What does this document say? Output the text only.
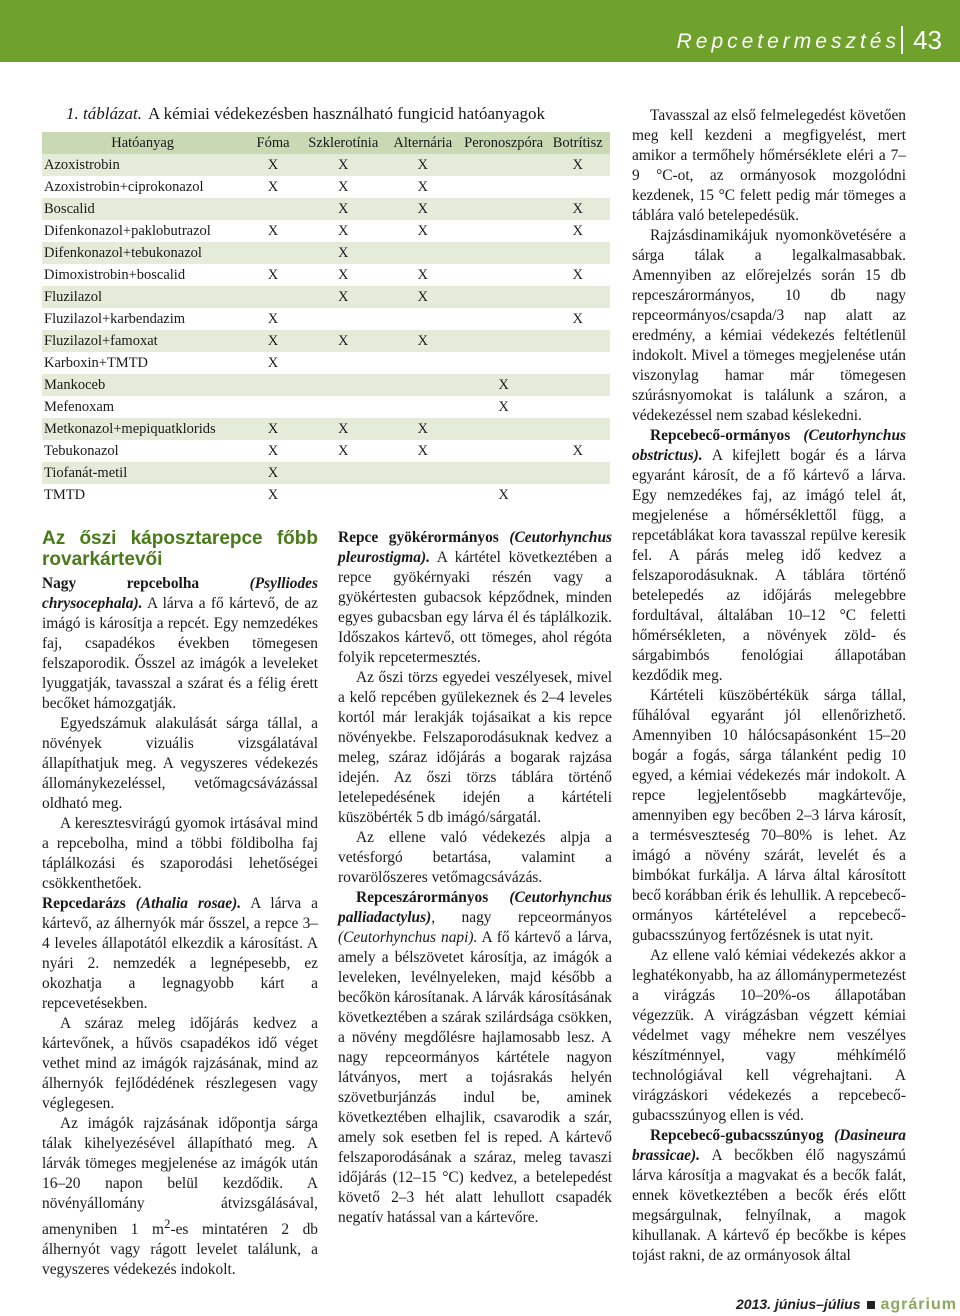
Repcetermesztés 43
1. táblázat. A kémiai védekezésben használható fungicid hatóanyagok
Hatóanyag	Fóma	Szklerotínia	Alternária	Peronoszpóra	Botrítisz
Azoxistrobin	X	X	X		X
Azoxistrobin+ciprokonazol	X	X	X		
Boscalid		X	X		X
Difenkonazol+paklobutrazol	X	X	X		X
Difenkonazol+tebukonazol		X			
Dimoxistrobin+boscalid	X	X	X		X
Fluzilazol		X	X		
Fluzilazol+karbendazim	X				X
Fluzilazol+famoxat	X	X	X		
Karboxin+TMTD	X				
Mankoceb				X	
Mefenoxam				X	
Metkonazol+mepiquatklorids	X	X	X		
Tebukonazol	X	X	X		X
Tiofanát-metil	X				
TMTD	X			X	
Az őszi káposztarepce főbb rovarkártevői

Nagy repcebolha	(Psylliodes chrysocephala). A lárva a fő kártevő, de az imágó is károsítja a repcét. Egy nemzedékes faj, csapadékos években tömegesen felszaporodik. Ősszel az imágók a leveleket lyuggatják, tavasszal a szárat és a félig érett becőket hámozgatják.

Egyedszámuk alakulását sárga tállal, a növények vizuális vizsgálatával állapíthatjuk meg. A vegyszeres védekezés állománykezeléssel, vetőmagcsávázással oldható meg.

A keresztesvirágú gyomok irtásával mind a repcebolha, mind a többi földibolha faj táplálkozási és szaporodási lehetőségei csökkenthetőek.

Repcedarázs (Athalia rosae). A lárva a kártevő, az álhernyók már ősszel, a repce 3–4 leveles állapotától elkezdik a károsítást. A nyári 2. nemzedék a legnépesebb, ez okozhatja a legnagyobb kárt a repcevetésekben.

A száraz meleg időjárás kedvez a kártevőnek, a hűvös csapadékos idő véget vethet mind az imágók rajzásának, mind az álhernyók fejlődédének részlegesen vagy véglegesen.

Az imágók rajzásának időpontja sárga tálak kihelyezésével állapítható meg. A lárvák tömeges megjelenése az imágók után 16–20 napon belül kezdődik. A növényállomány átvizsgálásával, amenyniben 1 $m^2-es$ mintatéren 2 db álhernyót vagy rágott levelet találunk, a vegyszeres védekezés indokolt.

Repce gyökérormányos (Ceutorhynchus pleurostigma). A kártétel következtében a repce gyökérnyaki részén vagy a gyökértesten gubacsok képződnek, minden egyes gubacsban egy lárva él és táplálkozik. Időszakos kártevő, ott tömeges, ahol régóta folyik repcetermesztés.

Az őszi törzs egyedei veszélyesek, mivel a kelő repcében gyülekeznek és 2–4 leveles kortól már lerakják tojásaikat a kis repce növényekbe. Felszaporodásuknak kedvez a meleg, száraz időjárás a bogarak rajzása idején. Az őszi törzs táblára történő letelepedésének idején a kártételi küszöbérték 5 db imágó/sárgatál.

Az ellene való védekezés alpja a vetésforgó betartása, valamint a rovarölőszeres vetőmagcsávázás.

Repceszárormányos (Ceutorhynchus palliadactylus), nagy repceormányos (Ceutorhynchus napi). A fő kártevő a lárva, amely a bélszövetet károsítja, az imágók a leveleken, levélnyeleken, majd később a becőkön károsítanak. A lárvák károsításának következtében a szárak szilárdsága csökken, a növény megdőlésre hajlamosabb lesz. A nagy repceormányos kártétele nagyon látványos, mert a tojásrakás helyén szövetburjánzás indul be, aminek következtében elhajlik, csavarodik a szár, amely sok esetben fel is reped. A kártevő felszaporodásának a száraz, meleg tavaszi időjárás (12–15 °C) kedvez, a betelepedést követő 2–3 hét alatt lehullott csapadék negatív hatással van a kártevőre.

Tavasszal az első felmelegedést követően meg kell kezdeni a megfigyelést, mert amikor a termőhely hőmérséklete eléri a 7–9 °C-ot, az ormányosok mozgolódni kezdenek, 15 °C felett pedig már tömeges a táblára való betelepedésük.

Rajzásdinamikájuk nyomonkövetésére a sárga tálak a legalkalmasabbak. Amennyiben az előrejelzés során 15 db repceszárormányos, 10 db nagy repceormányos/csapda/3 nap alatt az eredmény, a kémiai védekezés feltétlenül indokolt. Mivel a tömeges megjelenése után viszonylag hamar már tömegesen szúrásnyomokat is találunk a száron, a védekezéssel nem szabad késlekedni.

Repcebecő-ormányos (Ceutorhynchus obstrictus). A kifejlett bogár és a lárva egyaránt károsít, de a fő kártevő a lárva. Egy nemzedékes faj, az imágó telel át, megjelenése a hőmérséklettől függ, a repcetáblákat kora tavasszal repülve keresik fel. A párás meleg idő kedvez a felszaporodásuknak. A táblára történő betelepedés az időjárás melegebbre fordultával, általában 10–12 °C feletti hőmérsékleten, a növények zöld- és sárgabimbós fenológiai állapotában kezdődik meg.

Kártételi küszöbértékük sárga tállal, fűhálóval egyaránt jól ellenőrizhető. Amennyiben 10 hálócsapásonként 15–20 bogár a fogás, sárga tálanként pedig 10 egyed, a kémiai védekezés már indokolt. A repce legjelentősebb magkártevője, amennyiben egy becőben 2–3 lárva károsít, a termésveszteség 70–80% is lehet. Az imágó a növény szárát, levelét és a bimbókat furkálja. A lárva által károsított becő korábban érik és lehullik. A repcebecő-ormányos kártételével a repcebecő-gubacsszúnyog fertőzésnek is utat nyit.

Az ellene való kémiai védekezés akkor a leghatékonyabb, ha az állománypermetezést a virágzás 10–20%-os állapotában végezzük. A virágzásban végzett kémiai védelmet vagy méhekre nem veszélyes készítménnyel, vagy méhkímélő technológiával kell végrehajtani. A virágzáskori védekezés a repcebecő-gubacsszúnyog ellen is véd.

Repcebecő-gubacsszúnyog (Dasineura brassicae). A becőkben élő nagyszámú lárva károsítja a magvakat és a becők falát, ennek következtében a becők érés előtt megsárgulnak, felnyílnak, a magok kihullanak. A kártevő ép becőkbe is képes tojást rakni, de az ormányosok által

2013. június–július agrárium
